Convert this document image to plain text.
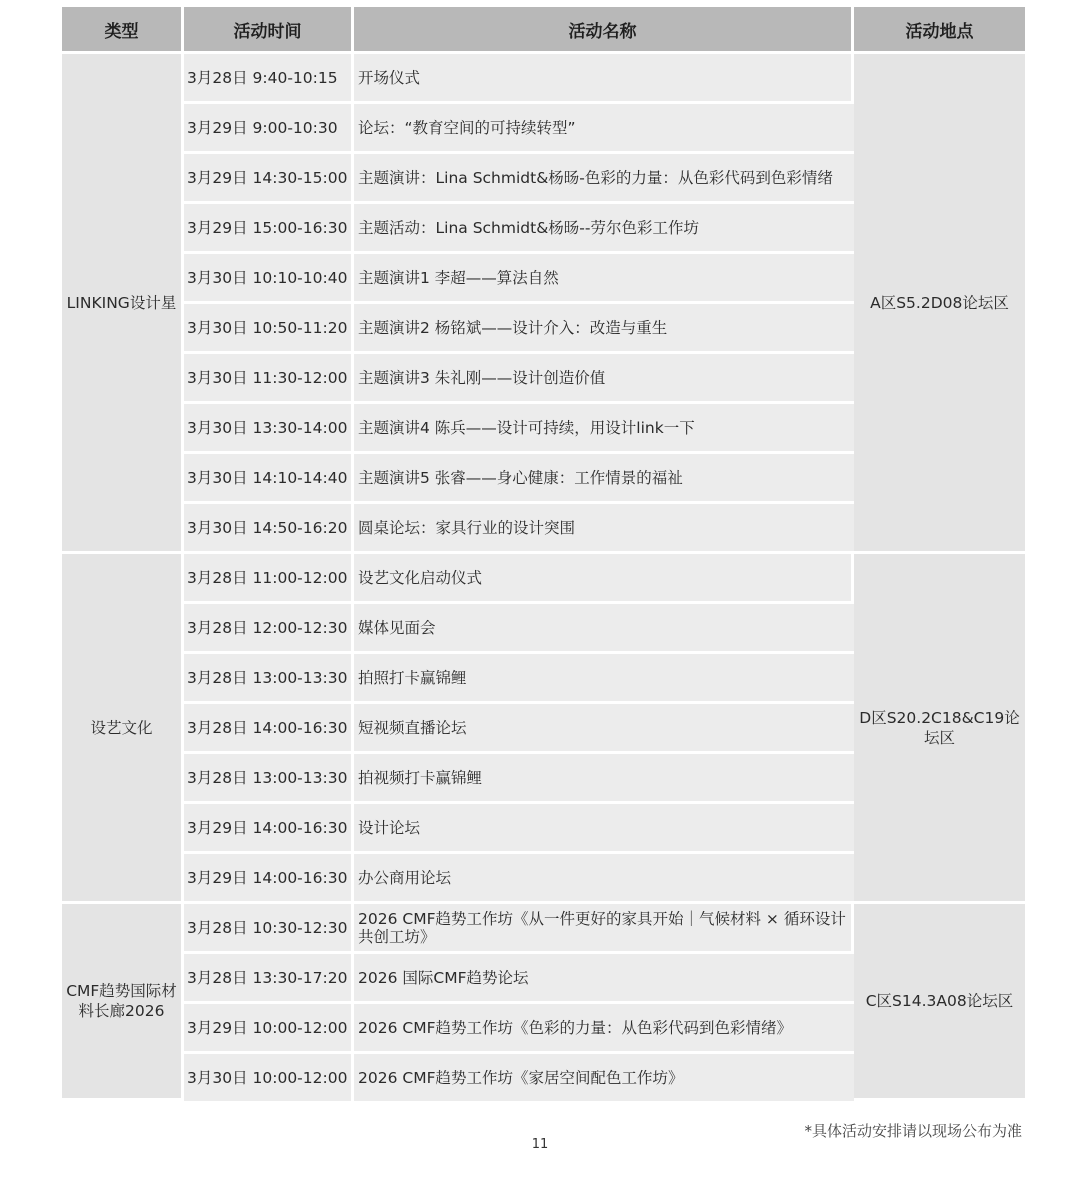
类型	活动时间	活动名称	活动地点
LINKING设计星	3月28日 9:40-10:15	开场仪式	A区S5.2D08论坛区
	3月29日 9:00-10:30	论坛：“教育空间的可持续转型”	
	3月29日 14:30-15:00	主题演讲：Lina Schmidt&杨旸-色彩的力量：从色彩代码到色彩情绪	
	3月29日 15:00-16:30	主题活动：Lina Schmidt&杨旸--劳尔色彩工作坊	
	3月30日 10:10-10:40	主题演讲1 李超——算法自然	
	3月30日 10:50-11:20	主题演讲2 杨铭斌——设计介入：改造与重生	
	3月30日 11:30-12:00	主题演讲3 朱礼刚——设计创造价值	
	3月30日 13:30-14:00	主题演讲4 陈兵——设计可持续，用设计link一下	
	3月30日 14:10-14:40	主题演讲5 张睿——身心健康：工作情景的福祉	
	3月30日 14:50-16:20	圆桌论坛：家具行业的设计突围	
设艺文化	3月28日 11:00-12:00	设艺文化启动仪式	D区S20.2C18&C19论坛区
	3月28日 12:00-12:30	媒体见面会	
	3月28日 13:00-13:30	拍照打卡赢锦鲤	
	3月28日 14:00-16:30	短视频直播论坛	
	3月28日 13:00-13:30	拍视频打卡赢锦鲤	
	3月29日 14:00-16:30	设计论坛	
	3月29日 14:00-16:30	办公商用论坛	
CMF趋势国际材料长廊2026	3月28日 10:30-12:30	2026 CMF趋势工作坊《从一件更好的家具开始｜气候材料 × 循环设计共创工坊》	C区S14.3A08论坛区
	3月28日 13:30-17:20	2026 国际CMF趋势论坛	
	3月29日 10:00-12:00	2026 CMF趋势工作坊《色彩的力量：从色彩代码到色彩情绪》	
	3月30日 10:00-12:00	2026 CMF趋势工作坊《家居空间配色工作坊》	
*具体活动安排请以现场公布为准
11
